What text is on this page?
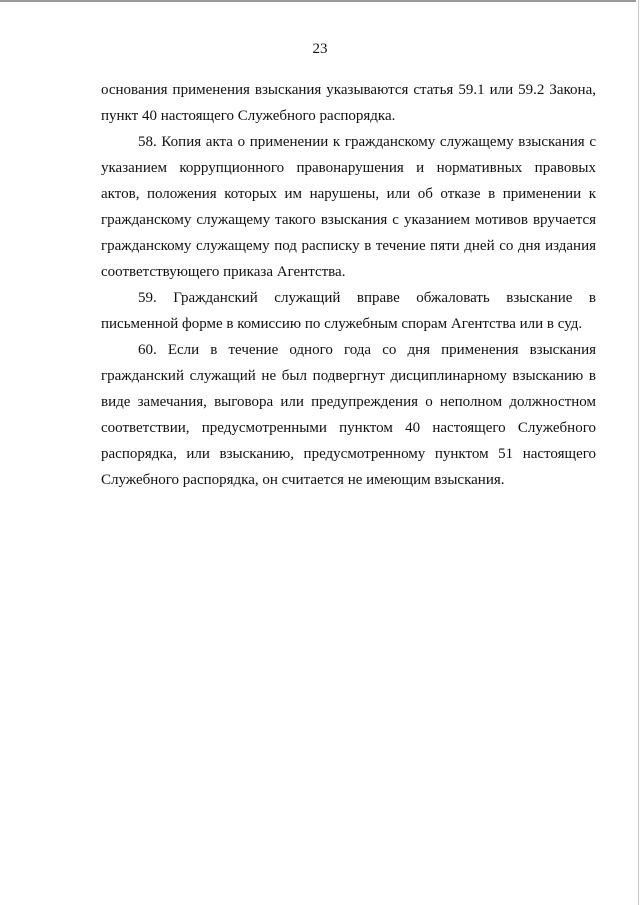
23
основания применения взыскания указываются статья 59.1 или 59.2 Закона,
пункт 40 настоящего Служебного распорядка.
58. Копия акта о применении к гражданскому служащему взыскания с
указанием коррупционного правонарушения и нормативных правовых
актов, положения которых им нарушены, или об отказе в применении к
гражданскому служащему такого взыскания с указанием мотивов вручается
гражданскому служащему под расписку в течение пяти дней со дня издания
соответствующего приказа Агентства.
59. Гражданский служащий вправе обжаловать взыскание в
письменной форме в комиссию по служебным спорам Агентства или в суд.
60. Если в течение одного года со дня применения взыскания
гражданский служащий не был подвергнут дисциплинарному взысканию в
виде замечания, выговора или предупреждения о неполном должностном
соответствии, предусмотренными пунктом 40 настоящего Служебного
распорядка, или взысканию, предусмотренному пунктом 51 настоящего
Служебного распорядка, он считается не имеющим взыскания.
